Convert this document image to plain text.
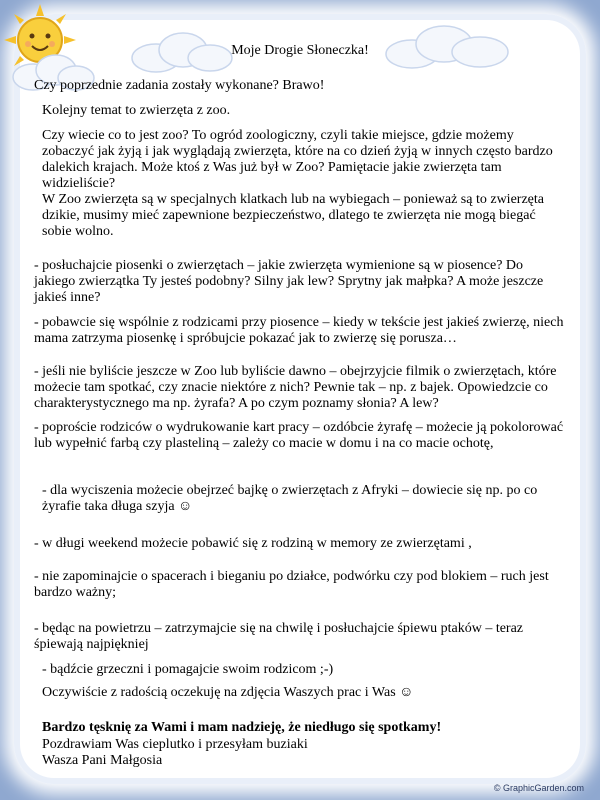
Moje Drogie Słoneczka!
Czy poprzednie zadania zostały wykonane? Brawo!
Kolejny temat to zwierzęta z zoo.
Czy wiecie co to jest zoo? To ogród zoologiczny, czyli takie miejsce, gdzie możemy zobaczyć jak żyją i jak wyglądają zwierzęta, które na co dzień żyją w innych często bardzo dalekich krajach. Może ktoś z Was już był w Zoo? Pamiętacie jakie zwierzęta tam widzieliście?
W Zoo zwierzęta są w specjalnych klatkach lub na wybiegach – ponieważ są to zwierzęta dzikie, musimy mieć zapewnione bezpieczeństwo, dlatego te zwierzęta nie mogą biegać sobie wolno.
- posłuchajcie piosenki o zwierzętach – jakie zwierzęta wymienione są w piosence? Do jakiego zwierzątka Ty jesteś podobny? Silny jak lew? Sprytny jak małpka? A może jeszcze jakieś inne?
- pobawcie się wspólnie z rodzicami przy piosence – kiedy w tekście jest jakieś zwierzę, niech mama zatrzyma piosenkę i spróbujcie pokazać jak to zwierzę się porusza…
- jeśli nie byliście jeszcze w Zoo lub byliście dawno – obejrzyjcie filmik o zwierzętach, które możecie tam spotkać, czy znacie niektóre z nich? Pewnie tak – np. z bajek. Opowiedzcie co charakterystycznego ma np. żyrafa? A po czym poznamy słonia? A lew?
- poproście rodziców o wydrukowanie kart pracy – ozdóbcie żyrafę – możecie ją pokolorować lub wypełnić farbą czy plasteliną – zależy co macie w domu i na co macie ochotę,
- dla wyciszenia możecie obejrzeć bajkę o zwierzętach z Afryki – dowiecie się np. po co żyrafie taka długa szyja ☺
- w długi weekend możecie pobawić się z rodziną w memory ze zwierzętami ,
- nie zapominajcie o spacerach i bieganiu po działce, podwórku czy pod blokiem – ruch jest bardzo ważny;
- będąc na powietrzu – zatrzymajcie się na chwilę i posłuchajcie śpiewu ptaków – teraz śpiewają najpiękniej
- bądźcie grzeczni i pomagajcie swoim rodzicom ;-)
Oczywiście z radością oczekuję na zdjęcia Waszych prac i Was ☺
Bardzo tęsknię za Wami i mam nadzieję, że niedługo się spotkamy!
Pozdrawiam Was cieplutko i przesyłam buziaki
Wasza Pani Małgosia
© GraphicGarden.com
